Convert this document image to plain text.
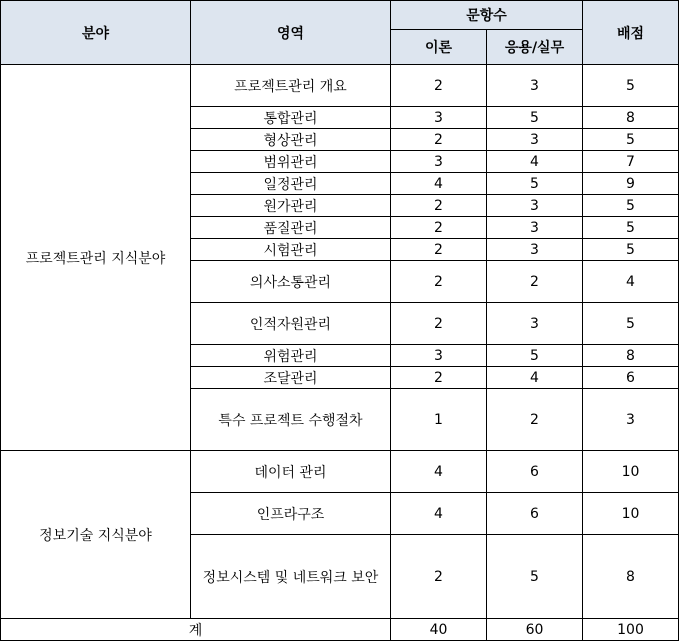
분야	영역	문항수		배점
		이론	응용/실무	
프로젝트관리 지식분야	프로젝트관리 개요	2	3	5
	통합관리	3	5	8
	형상관리	2	3	5
	범위관리	3	4	7
	일정관리	4	5	9
	원가관리	2	3	5
	품질관리	2	3	5
	시험관리	2	3	5
	의사소통관리	2	2	4
	인적자원관리	2	3	5
	위험관리	3	5	8
	조달관리	2	4	6
	특수 프로젝트 수행절차	1	2	3
정보기술 지식분야	데이터 관리	4	6	10
	인프라구조	4	6	10
	정보시스템 및 네트워크 보안	2	5	8
계		40	60	100
